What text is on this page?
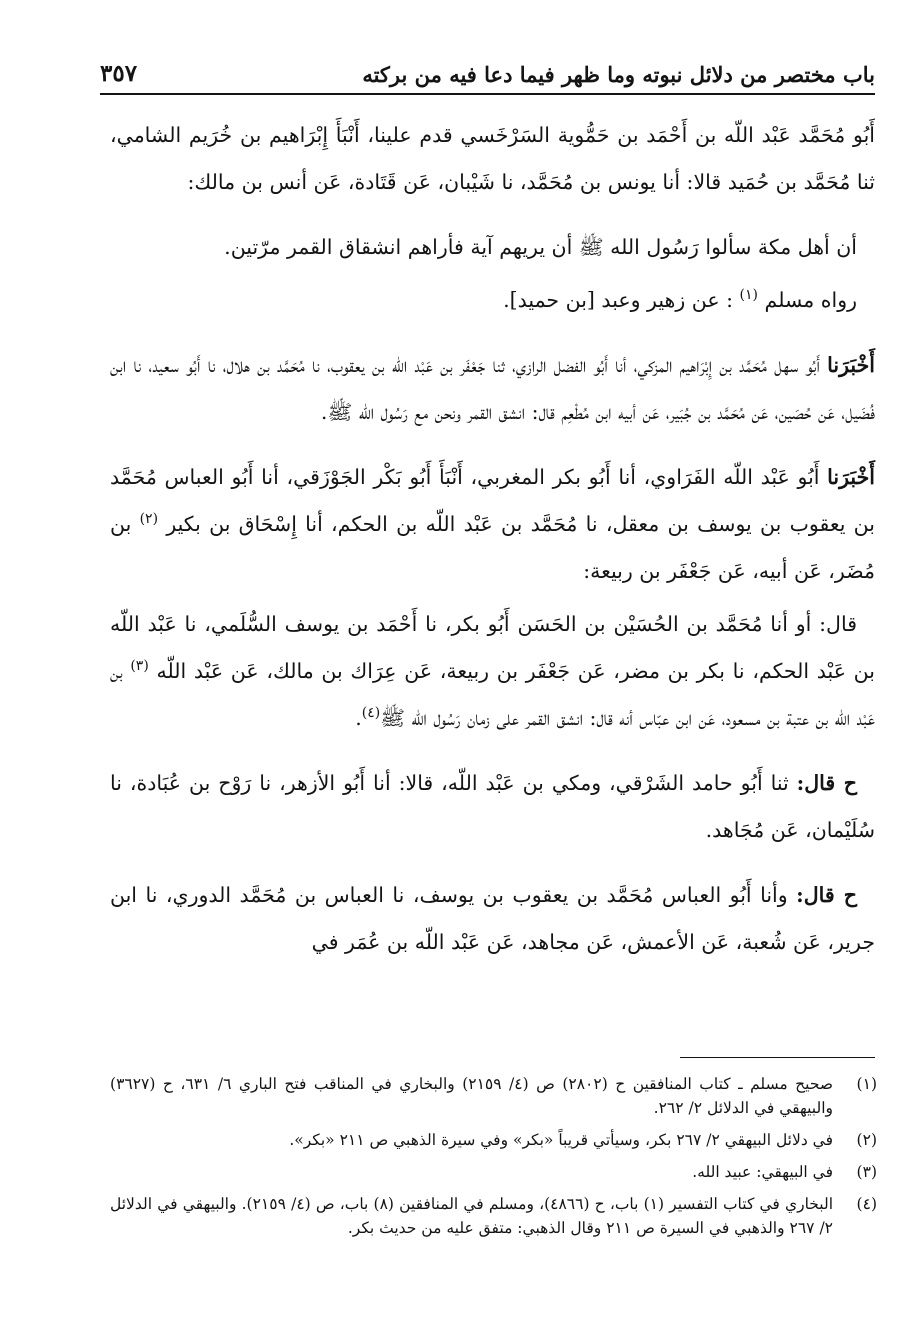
باب مختصر من دلائل نبوته وما ظهر فيما دعا فيه من بركته
٣٥٧

أَبُو مُحَمَّد عَبْد اللّه بن أَحْمَد بن حَمُّوية السَرْخَسي قدم علينا، أَنْبَأَ إِبْرَاهيم بن خُرَيم الشامي، ثنا مُحَمَّد بن حُمَيد قالا: أنا يونس بن مُحَمَّد، نا شَيْبان، عَن قَتَادة، عَن أنس بن مالك:

أن أهل مكة سألوا رَسُول الله ﷺ أن يريهم آية فأراهم انشقاق القمر مرّتين.

رواه مسلم $^{(١)}$ : عن زهير وعبد [بن حميد].

أَخْبَرَنا أَبُو سهل مُحَمَّد بن إِبْرَاهيم المزكي، أنا أَبُو الفضل الرازي، ثنا جَعْفَر بن عَبْد اللّه بن يعقوب، نا مُحَمَّد بن هلال، نا أَبُو سعيد، نا ابن فُضَيل، عَن حُصَين، عَن مُحَمَّد بن جُبَير، عَن أبيه ابن مُطْعِم قال: انشق القمر ونحن مع رَسُول الله ﷺ.

أَخْبَرَنا أَبُو عَبْد اللّه الفَرَاوي، أنا أَبُو بكر المغربي، أَنْبَأَ أَبُو بَكْر الجَوْزَقي، أنا أَبُو العباس مُحَمَّد بن يعقوب بن يوسف بن معقل، نا مُحَمَّد بن عَبْد اللّه بن الحكم، أنا إِسْحَاق بن بكير $^{(٢)}$ بن مُضَر، عَن أبيه، عَن جَعْفَر بن ربيعة:

قال: أو أنا مُحَمَّد بن الحُسَيْن بن الحَسَن أَبُو بكر، نا أَحْمَد بن يوسف السُّلَمي، نا عَبْد اللّه بن عَبْد الحكم، نا بكر بن مضر، عَن جَعْفَر بن ربيعة، عَن عِرَاك بن مالك، عَن عَبْد اللّه $^{(٣)}$ بن عَبْد اللّه بن عتبة بن مسعود، عَن ابن عبّاس أنه قال: انشق القمر على زمان رَسُول الله ﷺ$^{(٤)}$.

ح قال: ثنا أَبُو حامد الشَرْقي، ومكي بن عَبْد اللّه، قالا: أنا أَبُو الأزهر، نا رَوْح بن عُبَادة، نا سُلَيْمان، عَن مُجَاهد.

ح قال: وأنا أَبُو العباس مُحَمَّد بن يعقوب بن يوسف، نا العباس بن مُحَمَّد الدوري، نا ابن جرير، عَن شُعبة، عَن الأعمش، عَن مجاهد، عَن عَبْد اللّه بن عُمَر في

(١)
صحيح مسلم ـ كتاب المنافقين ح (٢٨٠٢) ص (٤/ ٢١٥٩) والبخاري في المناقب فتح الباري ٦/ ٦٣١، ح (٣٦٢٧) والبيهقي في الدلائل ٢/ ٢٦٢.
(٢)
في دلائل البيهقي ٢/ ٢٦٧ بكر، وسيأتي قريباً «بكر» وفي سيرة الذهبي ص ٢١١ «بكر».
(٣)
في البيهقي: عبيد الله.
(٤)
البخاري في كتاب التفسير (١) باب، ح (٤٨٦٦)، ومسلم في المنافقين (٨) باب، ص (٤/ ٢١٥٩). والبيهقي في الدلائل ٢/ ٢٦٧ والذهبي في السيرة ص ٢١١ وقال الذهبي: متفق عليه من حديث بكر.
